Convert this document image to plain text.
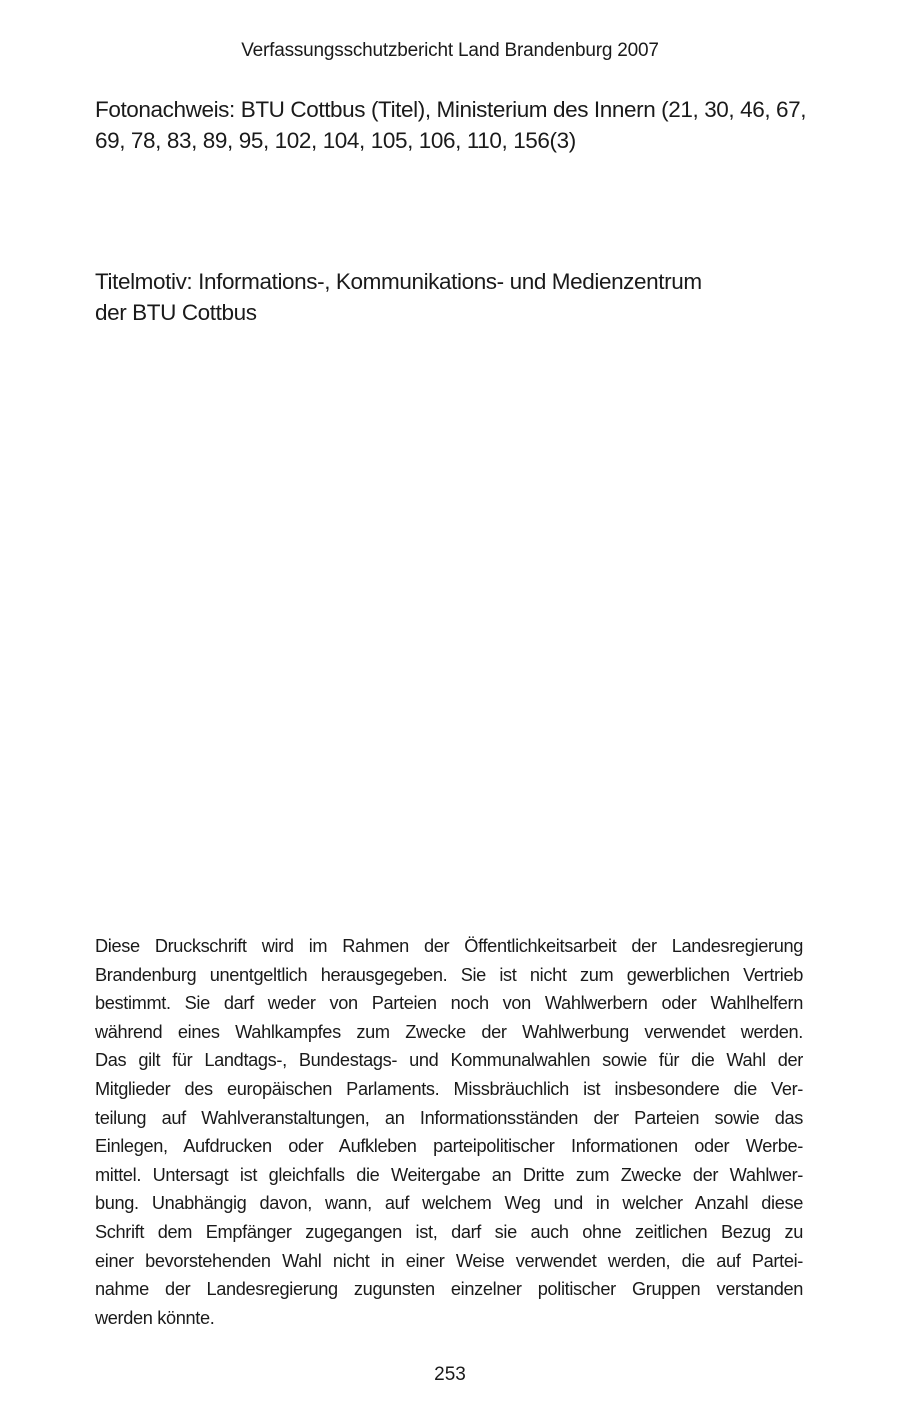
Verfassungsschutzbericht Land Brandenburg 2007
Fotonachweis: BTU Cottbus (Titel), Ministerium des Innern (21, 30, 46, 67,
69, 78, 83, 89, 95, 102, 104, 105, 106, 110, 156(3)
Titelmotiv: Informations-, Kommunikations- und Medienzentrum
der BTU Cottbus
Diese Druckschrift wird im Rahmen der Öffentlichkeitsarbeit der Landesregierung
Brandenburg unentgeltlich herausgegeben. Sie ist nicht zum gewerblichen Vertrieb
bestimmt. Sie darf weder von Parteien noch von Wahlwerbern oder Wahlhelfern
während eines Wahlkampfes zum Zwecke der Wahlwerbung verwendet werden.
Das gilt für Landtags-, Bundestags- und Kommunalwahlen sowie für die Wahl der
Mitglieder des europäischen Parlaments. Missbräuchlich ist insbesondere die Ver-
teilung auf Wahlveranstaltungen, an Informationsständen der Parteien sowie das
Einlegen, Aufdrucken oder Aufkleben parteipolitischer Informationen oder Werbe-
mittel. Untersagt ist gleichfalls die Weitergabe an Dritte zum Zwecke der Wahlwer-
bung. Unabhängig davon, wann, auf welchem Weg und in welcher Anzahl diese
Schrift dem Empfänger zugegangen ist, darf sie auch ohne zeitlichen Bezug zu
einer bevorstehenden Wahl nicht in einer Weise verwendet werden, die auf Partei-
nahme der Landesregierung zugunsten einzelner politischer Gruppen verstanden
werden könnte.
253
